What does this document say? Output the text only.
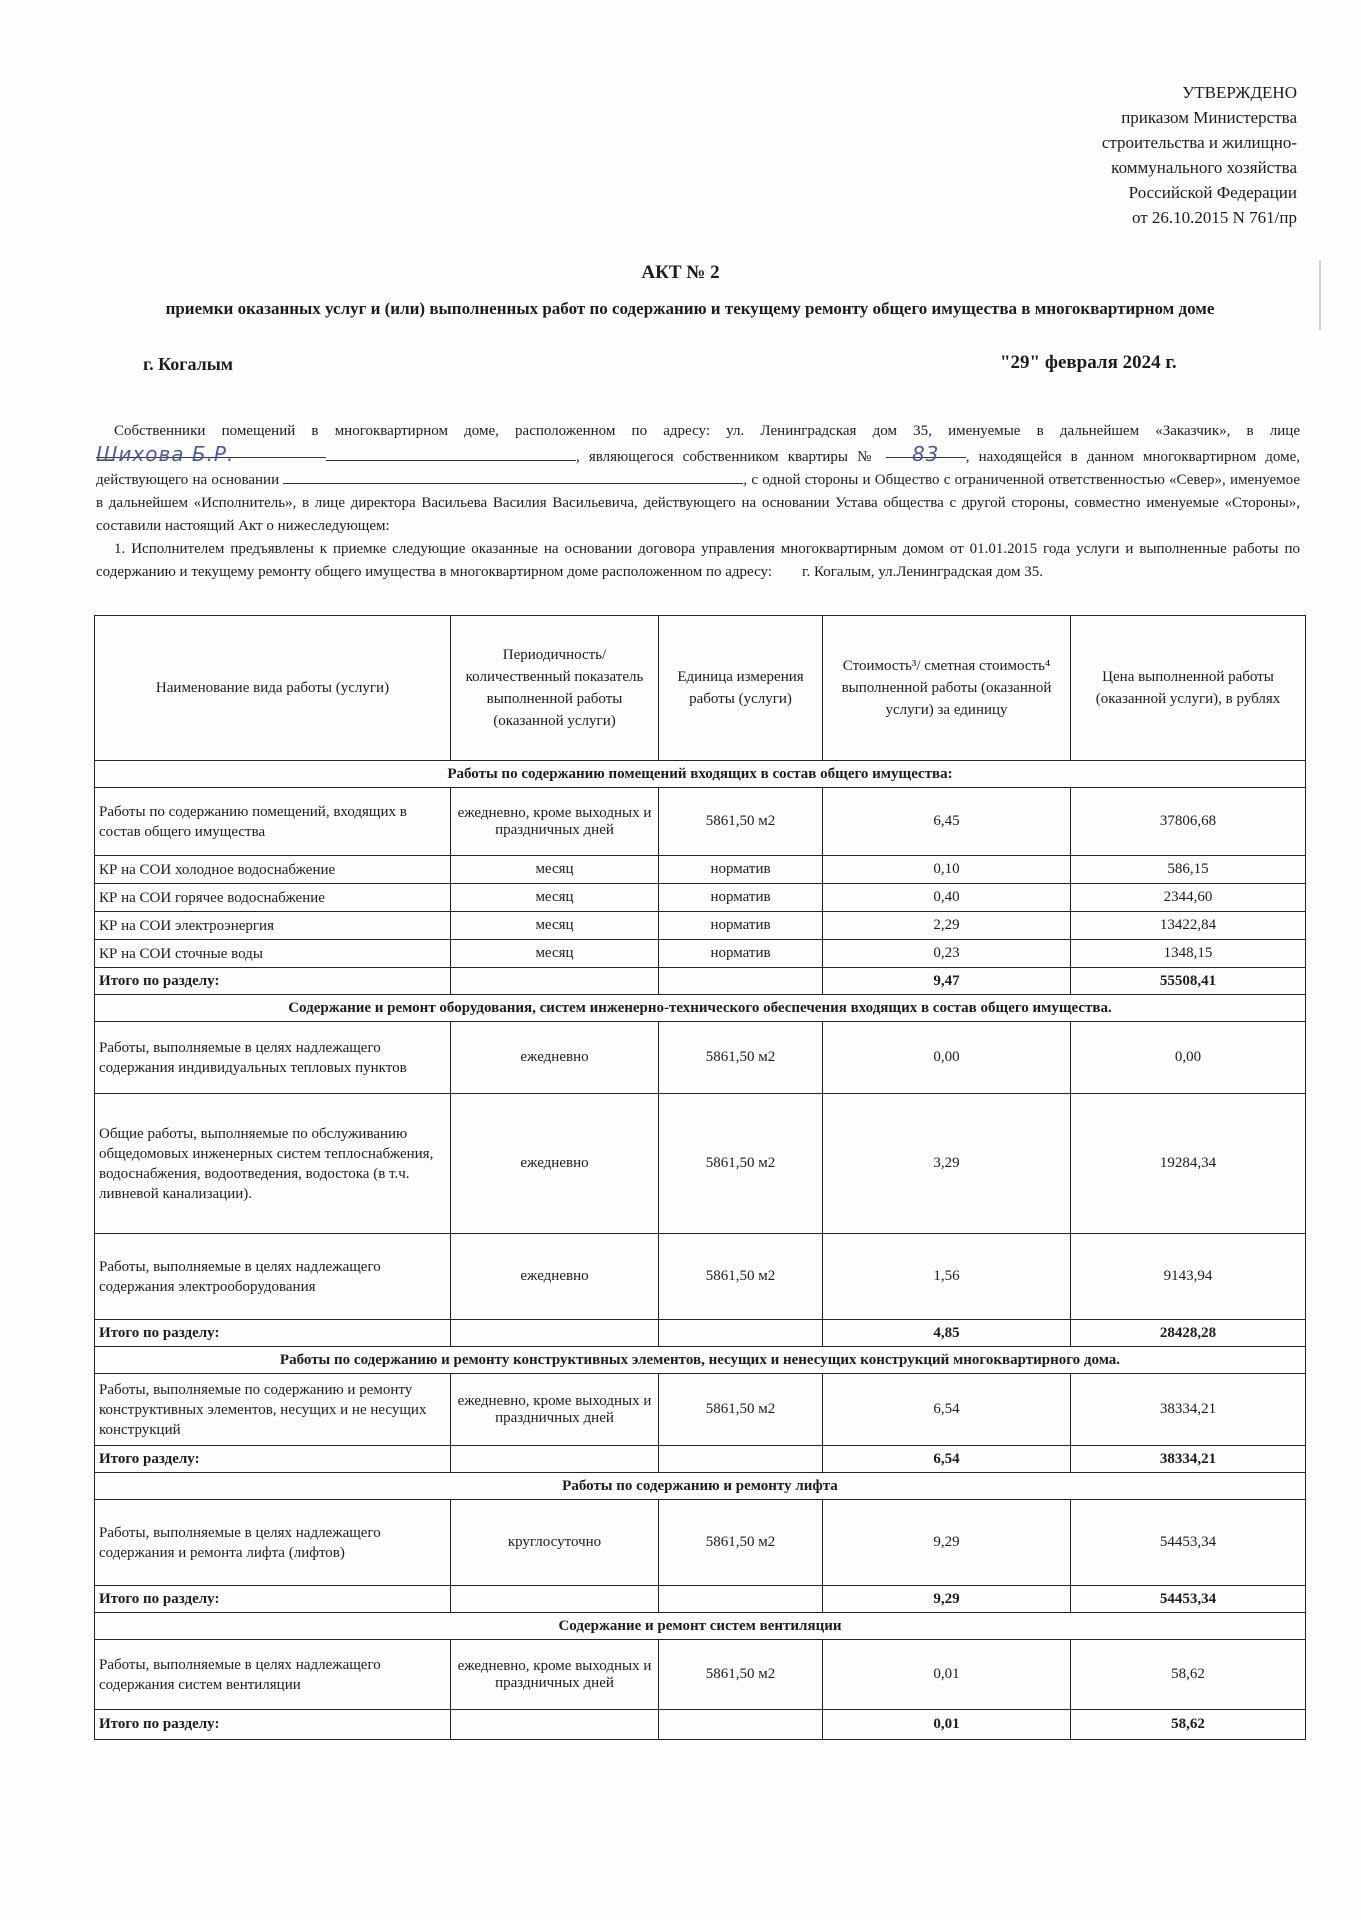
УТВЕРЖДЕНО
приказом Министерства
строительства и жилищно-
коммунального хозяйства
Российской Федерации
от 26.10.2015 N 761/пр
АКТ № 2
приемки оказанных услуг и (или) выполненных работ по содержанию и текущему ремонту общего имущества в многоквартирном доме
г. Когалым	"29" февраля 2024 г.

Собственники помещений в многоквартирном доме, расположенном по адресу: ул. Ленинградская дом 35, именуемые в дальнейшем «Заказчик», в лице Шихова Б.Р.	, являющегося собственником квартиры № 83 , находящейся в данном многоквартирном доме, действующего на основании	, с одной стороны и Общество с ограниченной ответственностью «Север», именуемое в дальнейшем «Исполнитель», в лице директора Васильева Василия Васильевича, действующего на основании Устава общества с другой стороны, совместно именуемые «Стороны», составили настоящий Акт о нижеследующем:

1. Исполнителем предъявлены к приемке следующие оказанные на основании договора управления многоквартирным домом от 01.01.2015 года услуги и выполненные работы по содержанию и текущему ремонту общего имущества в многоквартирном доме расположенном по адресу: г. Когалым, ул.Ленинградская дом 35.

Наименование вида работы (услуги)	Периодичность/ количественный показатель выполненной работы (оказанной услуги)	Единица измерения работы (услуги)	Стоимость³/ сметная стоимость⁴ выполненной работы (оказанной услуги) за единицу	Цена выполненной работы (оказанной услуги), в рублях
Работы по содержанию помещений входящих в состав общего имущества:				
Работы по содержанию помещений, входящих в состав общего имущества	ежедневно, кроме выходных и праздничных дней	5861,50 м2	6,45	37806,68
КР на СОИ холодное водоснабжение	месяц	норматив	0,10	586,15
КР на СОИ горячее водоснабжение	месяц	норматив	0,40	2344,60
КР на СОИ электроэнергия	месяц	норматив	2,29	13422,84
КР на СОИ сточные воды	месяц	норматив	0,23	1348,15
Итого по разделу:			9,47	55508,41
Содержание и ремонт оборудования, систем инженерно-технического обеспечения входящих в состав общего имущества.				
Работы, выполняемые в целях надлежащего содержания индивидуальных тепловых пунктов	ежедневно	5861,50 м2	0,00	0,00
Общие работы, выполняемые по обслуживанию общедомовых инженерных систем теплоснабжения, водоснабжения, водоотведения, водостока (в т.ч. ливневой канализации).	ежедневно	5861,50 м2	3,29	19284,34
Работы, выполняемые в целях надлежащего содержания электрооборудования	ежедневно	5861,50 м2	1,56	9143,94
Итого по разделу:			4,85	28428,28
Работы по содержанию и ремонту конструктивных элементов, несущих и ненесущих конструкций многоквартирного дома.				
Работы, выполняемые по содержанию и ремонту конструктивных элементов, несущих и не несущих конструкций	ежедневно, кроме выходных и праздничных дней	5861,50 м2	6,54	38334,21
Итого разделу:			6,54	38334,21
Работы по содержанию и ремонту лифта				
Работы, выполняемые в целях надлежащего содержания и ремонта лифта (лифтов)	круглосуточно	5861,50 м2	9,29	54453,34
Итого по разделу:			9,29	54453,34
Содержание и ремонт систем вентиляции				
Работы, выполняемые в целях надлежащего содержания систем вентиляции	ежедневно, кроме выходных и праздничных дней	5861,50 м2	0,01	58,62
Итого по разделу:			0,01	58,62
